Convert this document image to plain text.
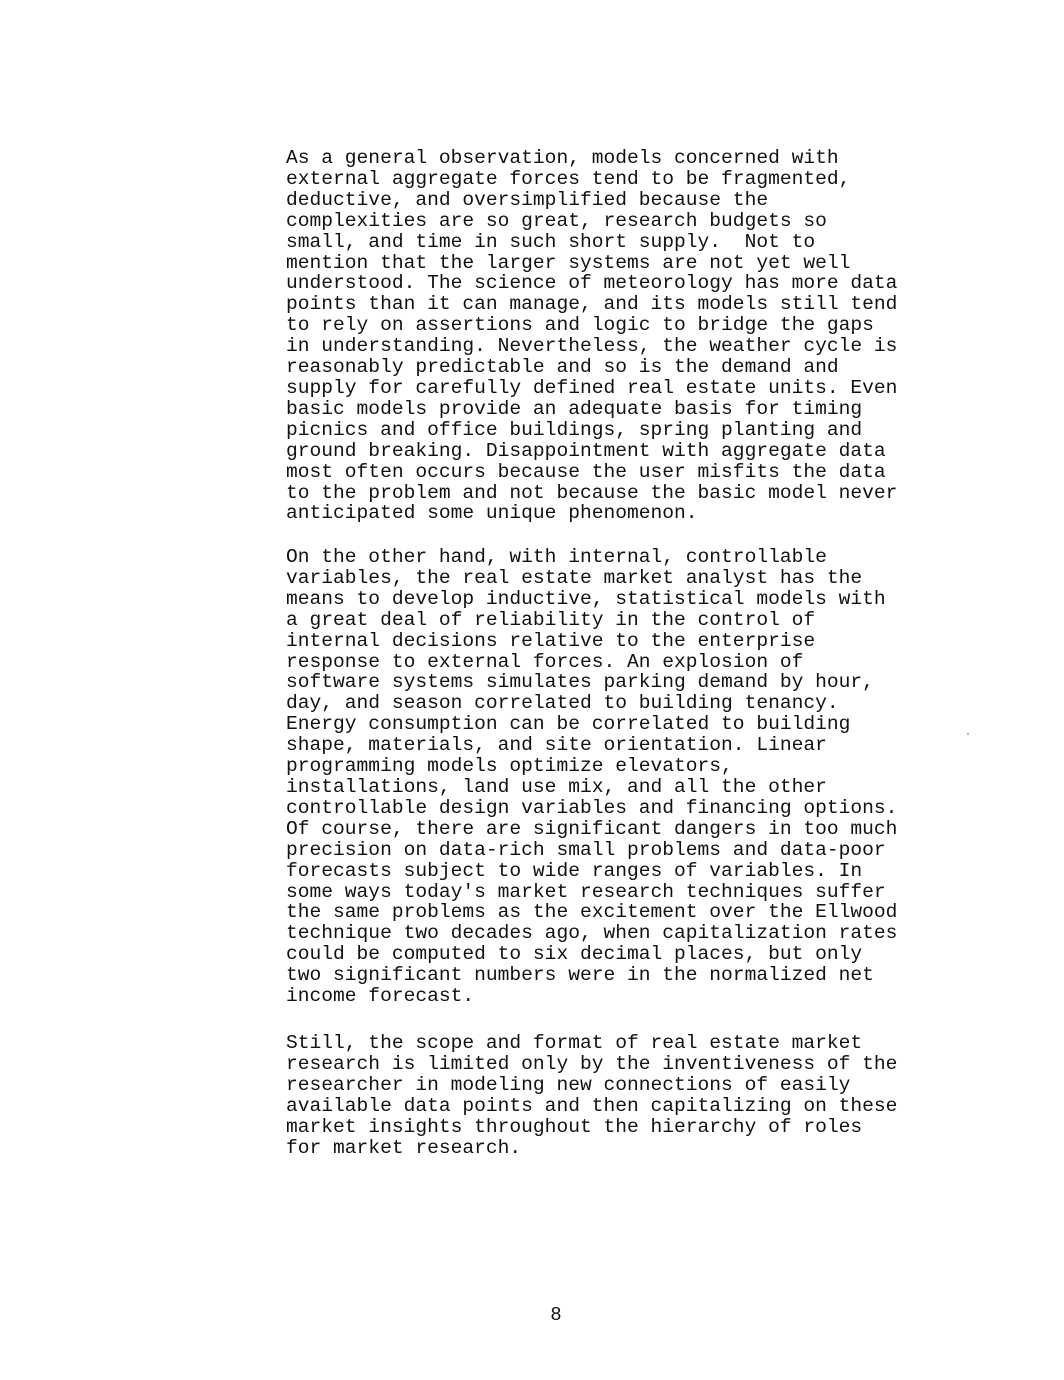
As a general observation, models concerned with
external aggregate forces tend to be fragmented,
deductive, and oversimplified because the
complexities are so great, research budgets so
small, and time in such short supply.  Not to
mention that the larger systems are not yet well
understood. The science of meteorology has more data
points than it can manage, and its models still tend
to rely on assertions and logic to bridge the gaps
in understanding. Nevertheless, the weather cycle is
reasonably predictable and so is the demand and
supply for carefully defined real estate units. Even
basic models provide an adequate basis for timing
picnics and office buildings, spring planting and
ground breaking. Disappointment with aggregate data
most often occurs because the user misfits the data
to the problem and not because the basic model never
anticipated some unique phenomenon.

On the other hand, with internal, controllable
variables, the real estate market analyst has the
means to develop inductive, statistical models with
a great deal of reliability in the control of
internal decisions relative to the enterprise
response to external forces. An explosion of
software systems simulates parking demand by hour,
day, and season correlated to building tenancy.
Energy consumption can be correlated to building
shape, materials, and site orientation. Linear
programming models optimize elevators,
installations, land use mix, and all the other
controllable design variables and financing options.
Of course, there are significant dangers in too much
precision on data-rich small problems and data-poor
forecasts subject to wide ranges of variables. In
some ways today's market research techniques suffer
the same problems as the excitement over the Ellwood
technique two decades ago, when capitalization rates
could be computed to six decimal places, but only
two significant numbers were in the normalized net
income forecast.

Still, the scope and format of real estate market
research is limited only by the inventiveness of the
researcher in modeling new connections of easily
available data points and then capitalizing on these
market insights throughout the hierarchy of roles
for market research.

8
